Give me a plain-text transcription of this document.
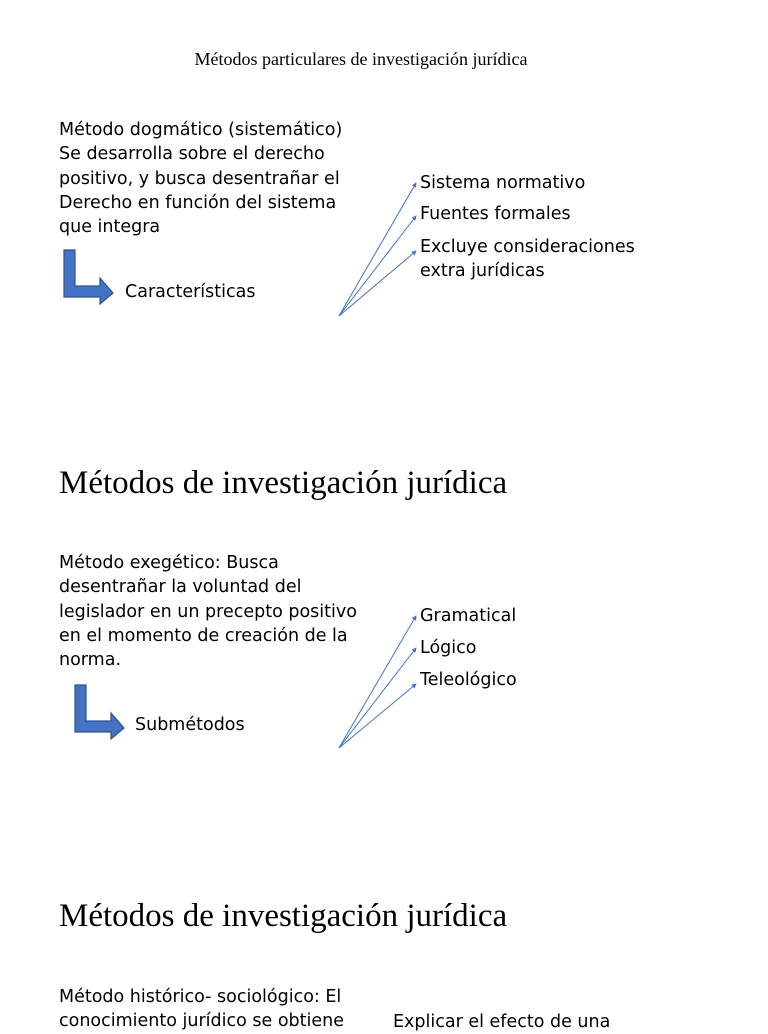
Métodos particulares de investigación jurídica
Método dogmático (sistemático)
Se desarrolla sobre el derecho
positivo, y busca desentrañar el
Derecho en función del sistema
que integra
Características
Sistema normativo
Fuentes formales
Excluye consideraciones
extra jurídicas
Métodos de investigación jurídica
Método exegético: Busca
desentrañar la voluntad del
legislador en un precepto positivo
en el momento de creación de la
norma.
Submétodos
Gramatical
Lógico
Teleológico
Métodos de investigación jurídica
Método histórico- sociológico: El
conocimiento jurídico se obtiene	Explicar el efecto de una
